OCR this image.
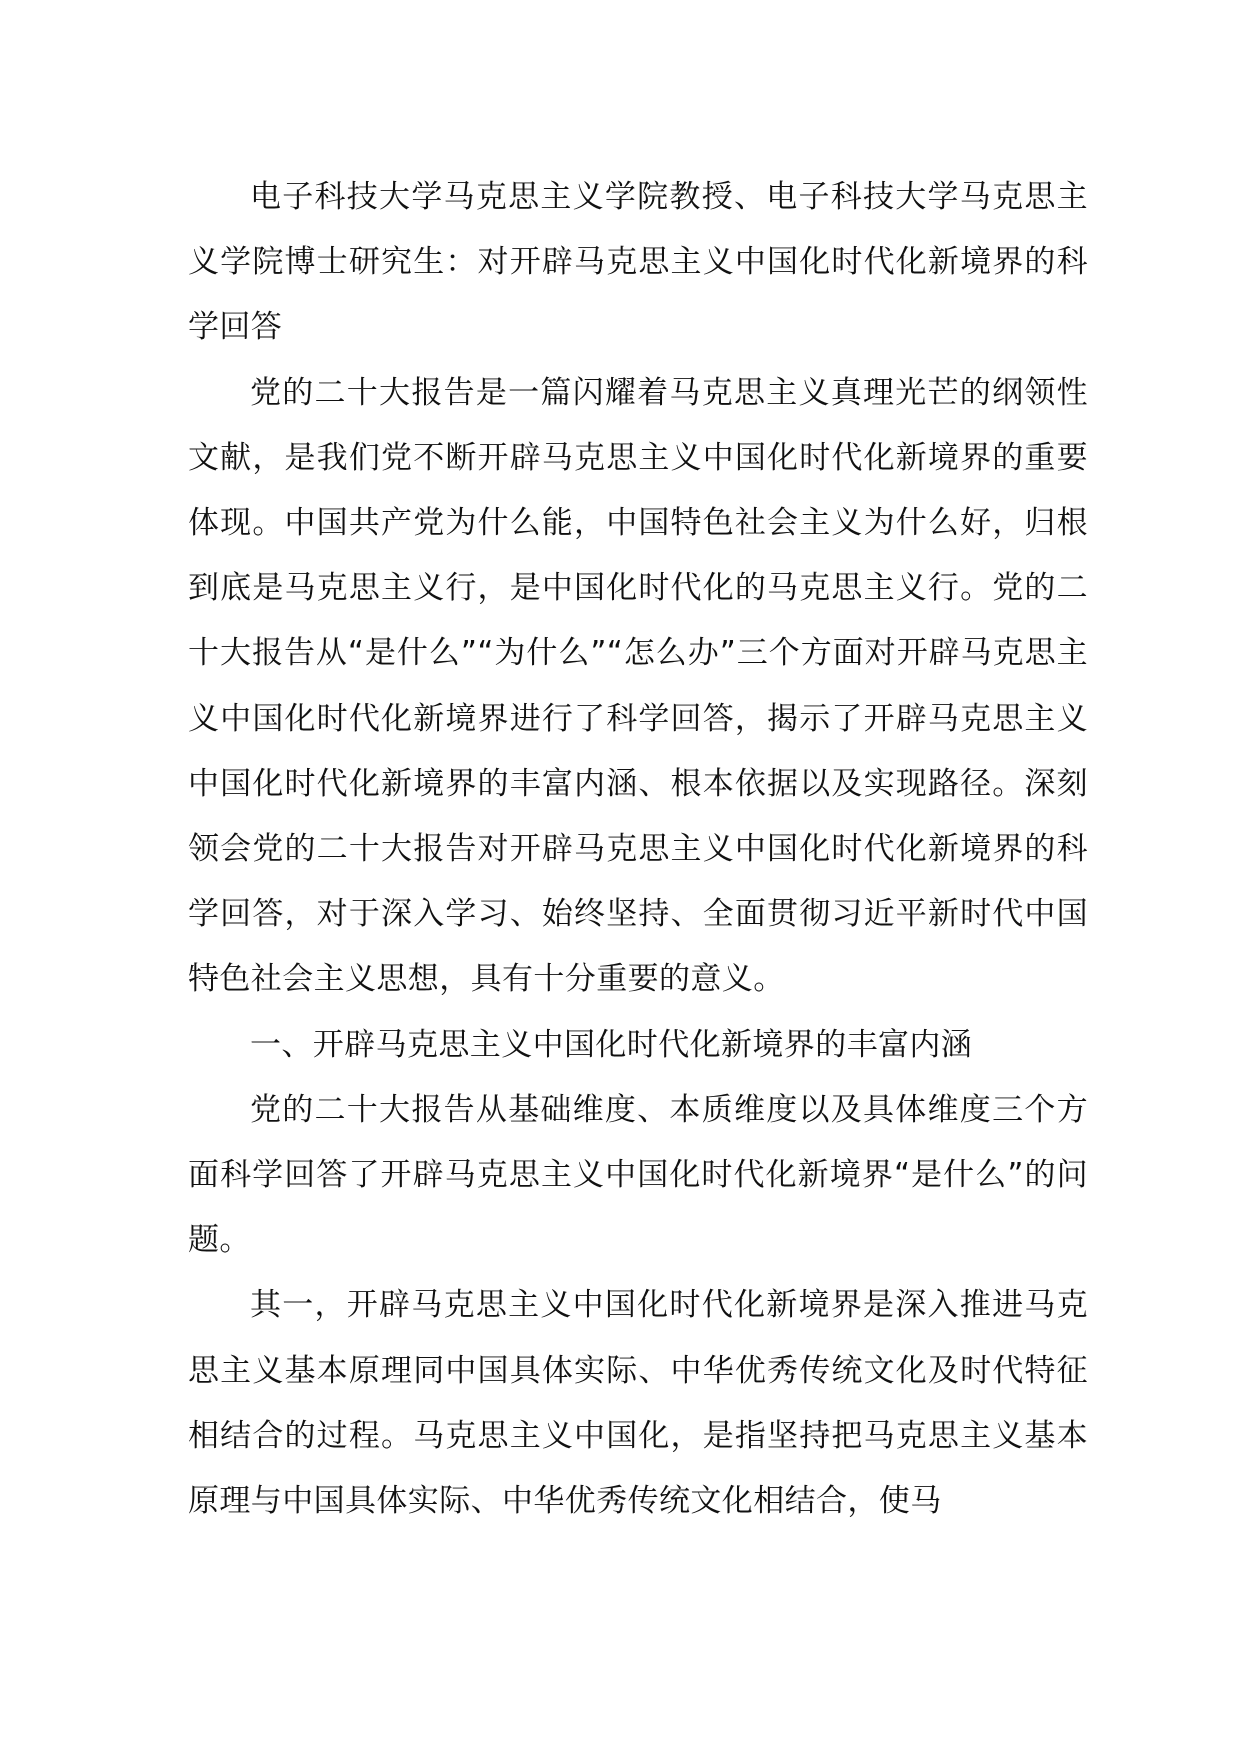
电子科技大学马克思主义学院教授、电子科技大学马克思主义学院博士研究生：对开辟马克思主义中国化时代化新境界的科学回答

党的二十大报告是一篇闪耀着马克思主义真理光芒的纲领性文献，是我们党不断开辟马克思主义中国化时代化新境界的重要体现。中国共产党为什么能，中国特色社会主义为什么好，归根到底是马克思主义行，是中国化时代化的马克思主义行。党的二十大报告从“是什么”“为什么”“怎么办”三个方面对开辟马克思主义中国化时代化新境界进行了科学回答，揭示了开辟马克思主义中国化时代化新境界的丰富内涵、根本依据以及实现路径。深刻领会党的二十大报告对开辟马克思主义中国化时代化新境界的科学回答，对于深入学习、始终坚持、全面贯彻习近平新时代中国特色社会主义思想，具有十分重要的意义。

一、开辟马克思主义中国化时代化新境界的丰富内涵

党的二十大报告从基础维度、本质维度以及具体维度三个方面科学回答了开辟马克思主义中国化时代化新境界“是什么”的问题。

其一，开辟马克思主义中国化时代化新境界是深入推进马克思主义基本原理同中国具体实际、中华优秀传统文化及时代特征相结合的过程。马克思主义中国化，是指坚持把马克思主义基本原理与中国具体实际、中华优秀传统文化相结合，使马
